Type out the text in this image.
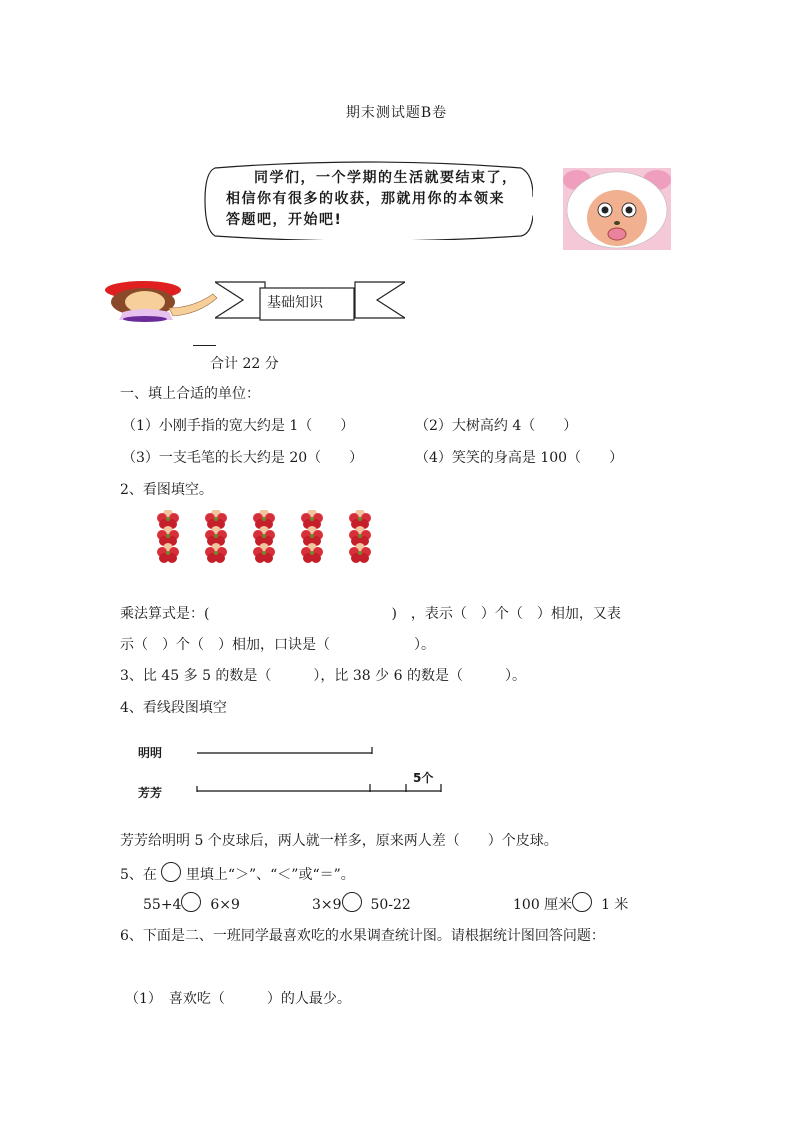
期末测试题B卷
同学们，一个学期的生活就要结束了，
相信你有很多的收获，那就用你的本领来
答题吧，开始吧!
基础知识
合计 22 分
一、填上合适的单位：
（1）小刚手指的宽大约是 1（　　）	（2）大树高约 4（　　）
（3）一支毛笔的长大约是 20（　　）	（4）笑笑的身高是 100（　　）
2、看图填空。
乘法算式是：(　　　　　　　　　　　　　)　，表示（　）个（　）相加，又表
示（　）个（　）相加，口诀是（　　　　　　）。
3、比 45 多 5 的数是（　　　），比 38 少 6 的数是（　　　）。
4、看线段图填空
明明
芳芳
5个
芳芳给明明 5 个皮球后，两人就一样多，原来两人差（　　）个皮球。
5、在 里填上“＞”、“＜”或“＝”。
55+4 6×9	3×9 50-22	100 厘米 1 米
6、下面是二、一班同学最喜欢吃的水果调查统计图。请根据统计图回答问题：
（1）　喜欢吃（　　　）的人最少。
